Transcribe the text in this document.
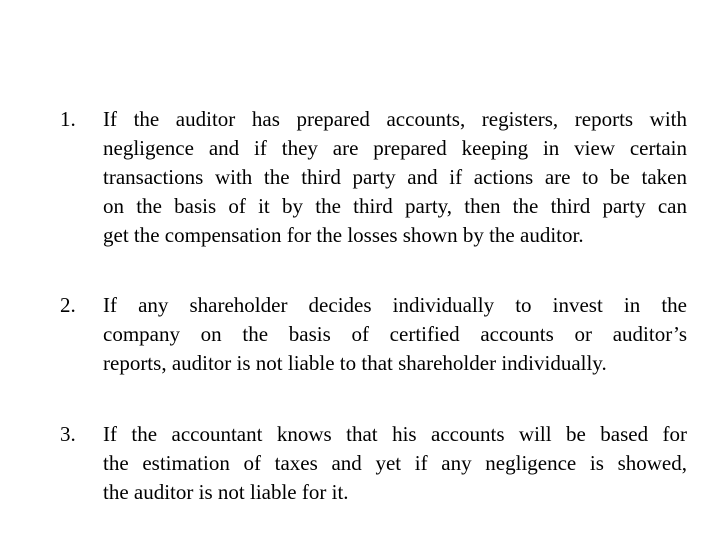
1. If the auditor has prepared accounts, registers, reports with
negligence and if they are prepared keeping in view certain
transactions with the third party and if actions are to be taken
on the basis of it by the third party, then the third party can
get the compensation for the losses shown by the auditor.

2. If any shareholder decides individually to invest in the
company on the basis of certified accounts or auditor’s
reports, auditor is not liable to that shareholder individually.

3. If the accountant knows that his accounts will be based for
the estimation of taxes and yet if any negligence is showed,
the auditor is not liable for it.
